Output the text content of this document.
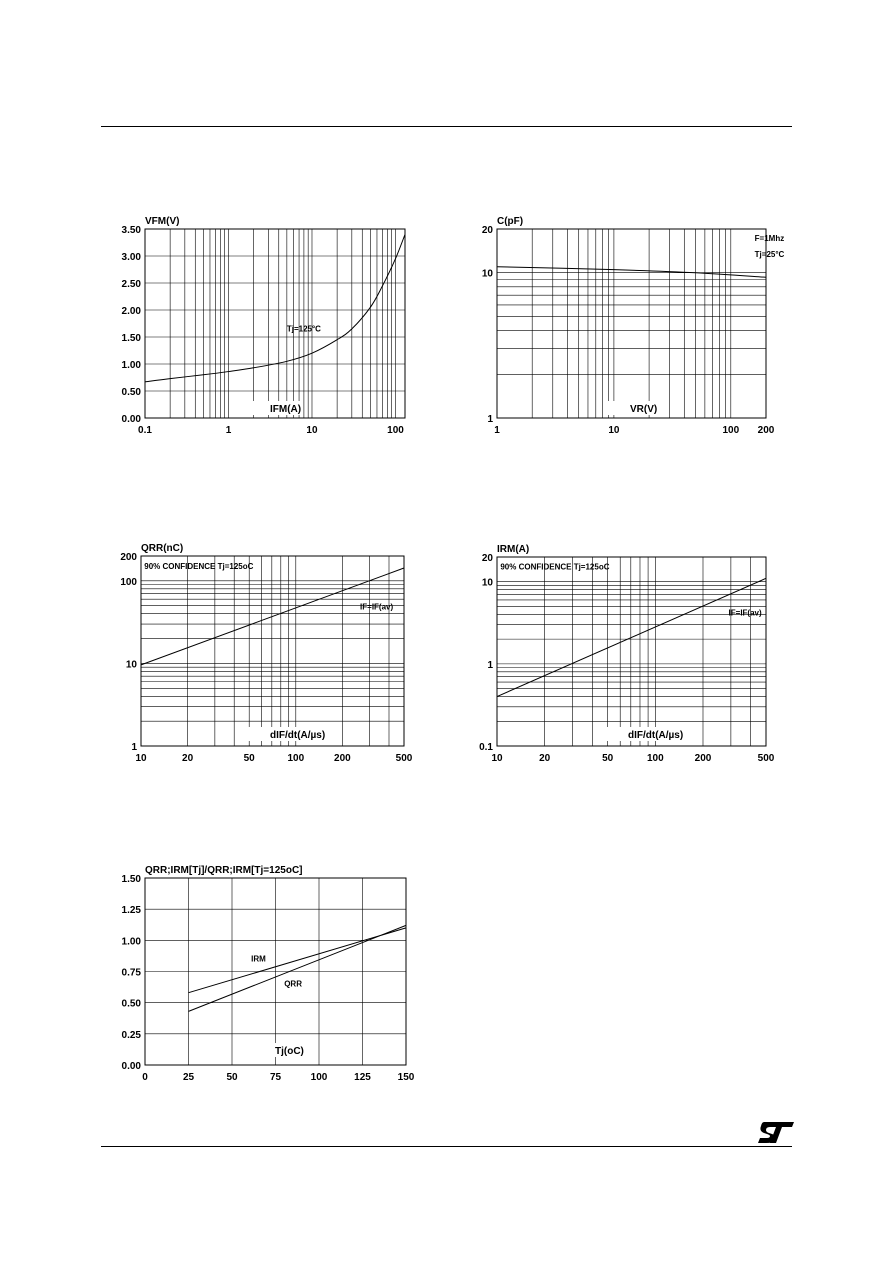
0.1	1	10	100
0.00
0.50
1.00
1.50
2.00
2.50
3.00
3.50
VFM(V)
IFM(A)
Tj=125°C
1	10	100 200
1
10
20
C(pF)
VR(V)
F=1Mhz
Tj=25°C
10	20	50	100	200	500
1
10
100
200
QRR(nC)
dIF/dt(A/µs)
90% CONFIDENCE Tj=125oC
IF=IF(av)
10	20	50	100	200	500
0.1
1
10
20
IRM(A)
dIF/dt(A/µs)
90% CONFIDENCE Tj=125oC
IF=IF(av)
0	25	50	75	100	125	150
0.00
0.25
0.50
0.75
1.00
1.25
1.50
QRR;IRM[Tj]/QRR;IRM[Tj=125oC]
Tj(oC)
IRM
QRR
